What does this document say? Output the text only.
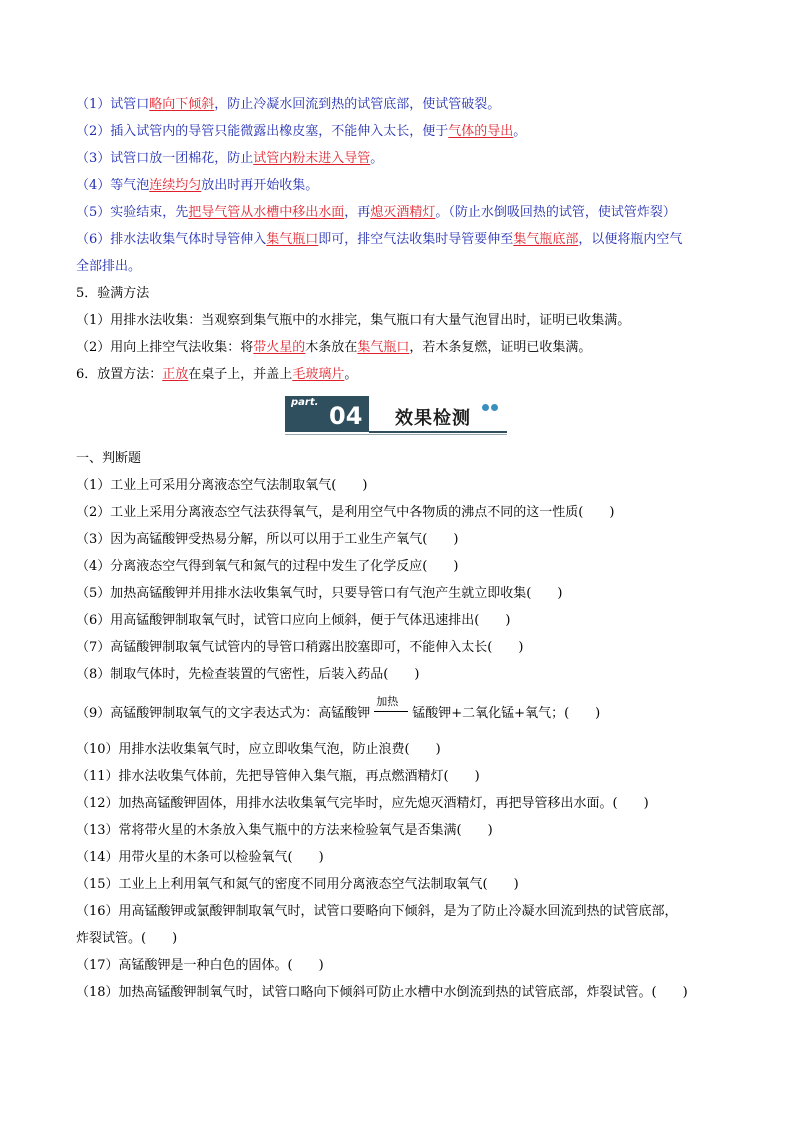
（1）试管口略向下倾斜，防止冷凝水回流到热的试管底部，使试管破裂。
（2）插入试管内的导管只能微露出橡皮塞，不能伸入太长，便于气体的导出。
（3）试管口放一团棉花，防止试管内粉末进入导管。
（4）等气泡连续均匀放出时再开始收集。
（5）实验结束，先把导气管从水槽中移出水面，再熄灭酒精灯。（防止水倒吸回热的试管，使试管炸裂）
（6）排水法收集气体时导管伸入集气瓶口即可，排空气法收集时导管要伸至集气瓶底部，以便将瓶内空气
全部排出。
5．验满方法
（1）用排水法收集：当观察到集气瓶中的水排完，集气瓶口有大量气泡冒出时，证明已收集满。
（2）用向上排空气法收集：将带火星的木条放在集气瓶口，若木条复燃，证明已收集满。
6．放置方法：正放在桌子上，并盖上毛玻璃片。
part. 04 效果检测
一、判断题
（1）工业上可采用分离液态空气法制取氧气(　　)
（2）工业上采用分离液态空气法获得氧气，是利用空气中各物质的沸点不同的这一性质(　　)
（3）因为高锰酸钾受热易分解，所以可以用于工业生产氧气(　　)
（4）分离液态空气得到氧气和氮气的过程中发生了化学反应(　　)
（5）加热高锰酸钾并用排水法收集氧气时，只要导管口有气泡产生就立即收集(　　)
（6）用高锰酸钾制取氧气时，试管口应向上倾斜，便于气体迅速排出(　　)
（7）高锰酸钾制取氧气试管内的导管口稍露出胶塞即可，不能伸入太长(　　)
（8）制取气体时，先检查装置的气密性，后装入药品(　　)
（9）高锰酸钾制取氧气的文字表达式为：高锰酸钾
加热
锰酸钾+二氧化锰+氧气；(　　)
（10）用排水法收集氧气时，应立即收集气泡，防止浪费(　　)
（11）排水法收集气体前，先把导管伸入集气瓶，再点燃酒精灯(　　)
（12）加热高锰酸钾固体，用排水法收集氧气完毕时，应先熄灭酒精灯，再把导管移出水面。(　　)
（13）常将带火星的木条放入集气瓶中的方法来检验氧气是否集满(　　)
（14）用带火星的木条可以检验氧气(　　)
（15）工业上上利用氧气和氮气的密度不同用分离液态空气法制取氧气(　　)
（16）用高锰酸钾或氯酸钾制取氧气时，试管口要略向下倾斜，是为了防止冷凝水回流到热的试管底部，
炸裂试管。(　　)
（17）高锰酸钾是一种白色的固体。(　　)
（18）加热高锰酸钾制氧气时，试管口略向下倾斜可防止水槽中水倒流到热的试管底部，炸裂试管。(　　)
